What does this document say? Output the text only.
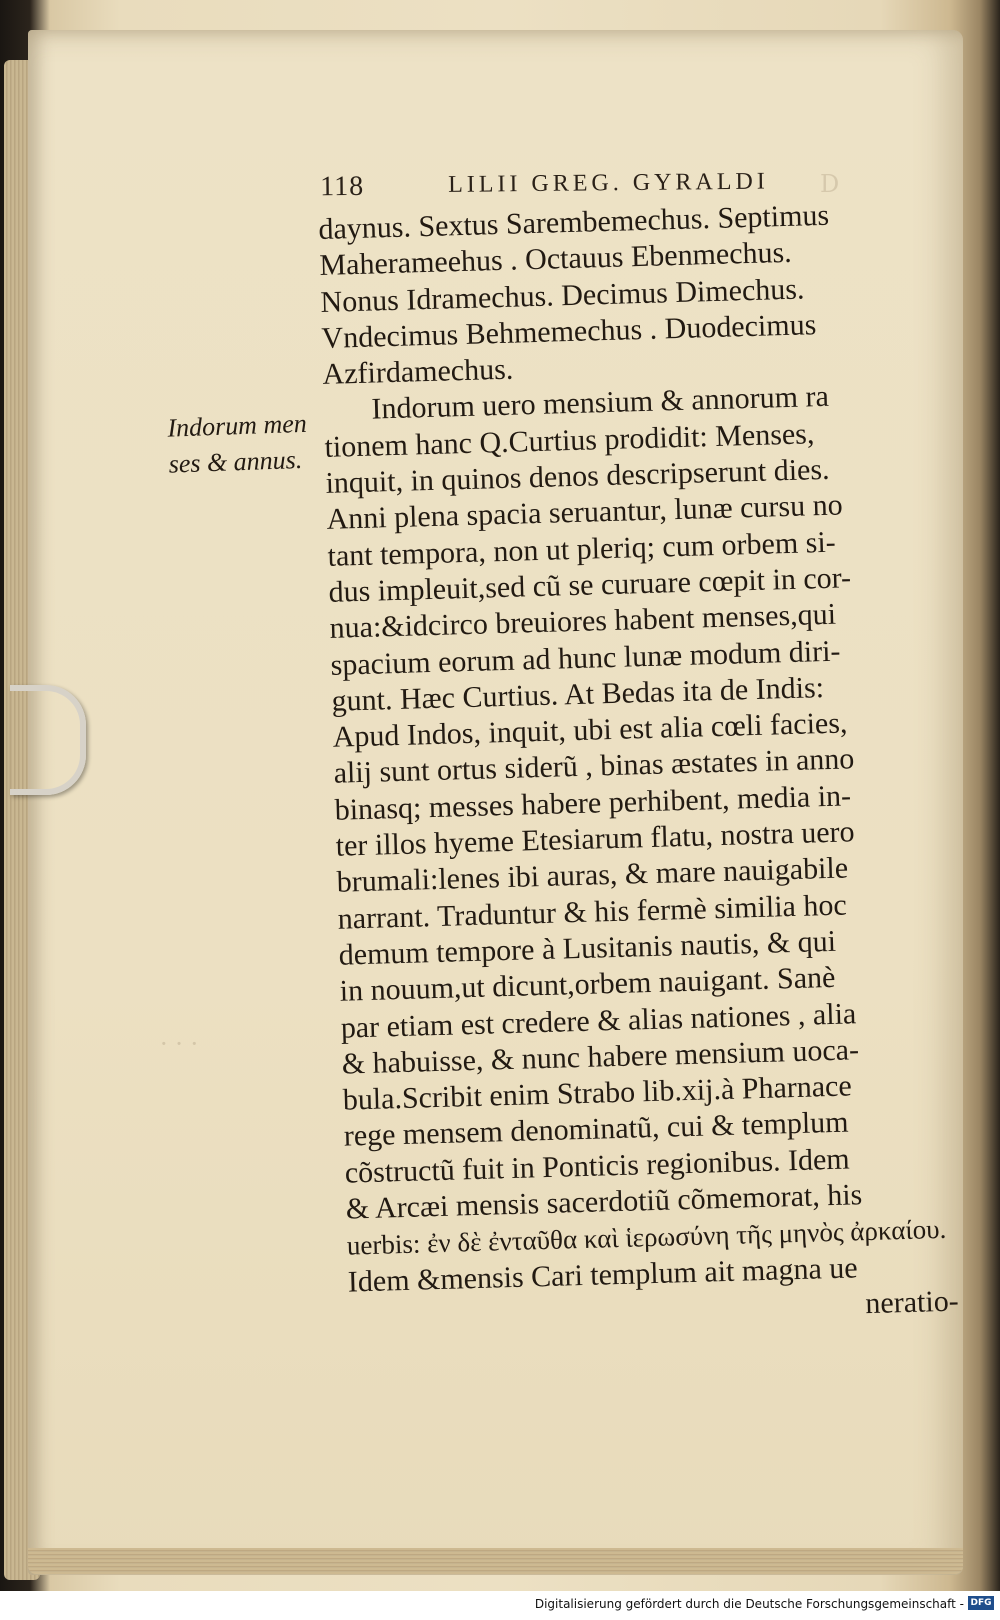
· · ·
D
118	LILII GREG. GYRALDI
Indorum men
ses & annus.
daynus. Sextus Sarembemechus. Septimus
Maherameehus . Octauus Ebenmechus.
Nonus Idramechus. Decimus Dimechus.
Vndecimus Behmemechus . Duodecimus
Azfirdamechus.
Indorum uero mensium & annorum ra
tionem hanc Q.Curtius prodidit: Menses,
inquit, in quinos denos descripserunt dies.
Anni plena spacia seruantur, lunæ cursu no
tant tempora, non ut pleriq; cum orbem si-
dus impleuit,sed cũ se curuare cœpit in cor-
nua:&idcirco breuiores habent menses,qui
spacium eorum ad hunc lunæ modum diri-
gunt. Hæc Curtius. At Bedas ita de Indis:
Apud Indos, inquit, ubi est alia cœli facies,
alij sunt ortus siderũ , binas æstates in anno
binasq; messes habere perhibent, media in-
ter illos hyeme Etesiarum flatu, nostra uero
brumali:lenes ibi auras, & mare nauigabile
narrant. Traduntur & his fermè similia hoc
demum tempore à Lusitanis nautis, & qui
in nouum,ut dicunt,orbem nauigant. Sanè
par etiam est credere & alias nationes , alia
& habuisse, & nunc habere mensium uoca-
bula.Scribit enim Strabo lib.xij.à Pharnace
rege mensem denominatũ, cui & templum
cõstructũ fuit in Ponticis regionibus. Idem
& Arcæi mensis sacerdotiũ cõmemorat, his
uerbis: ἐν δὲ ἐνταῦθα καὶ ἱερωσύνη τῆς μηνὸς ἀρκαίου.
Idem &mensis Cari templum ait magna ue
neratio-
Digitalisierung gefördert durch die Deutsche Forschungsgemeinschaft - DFG
